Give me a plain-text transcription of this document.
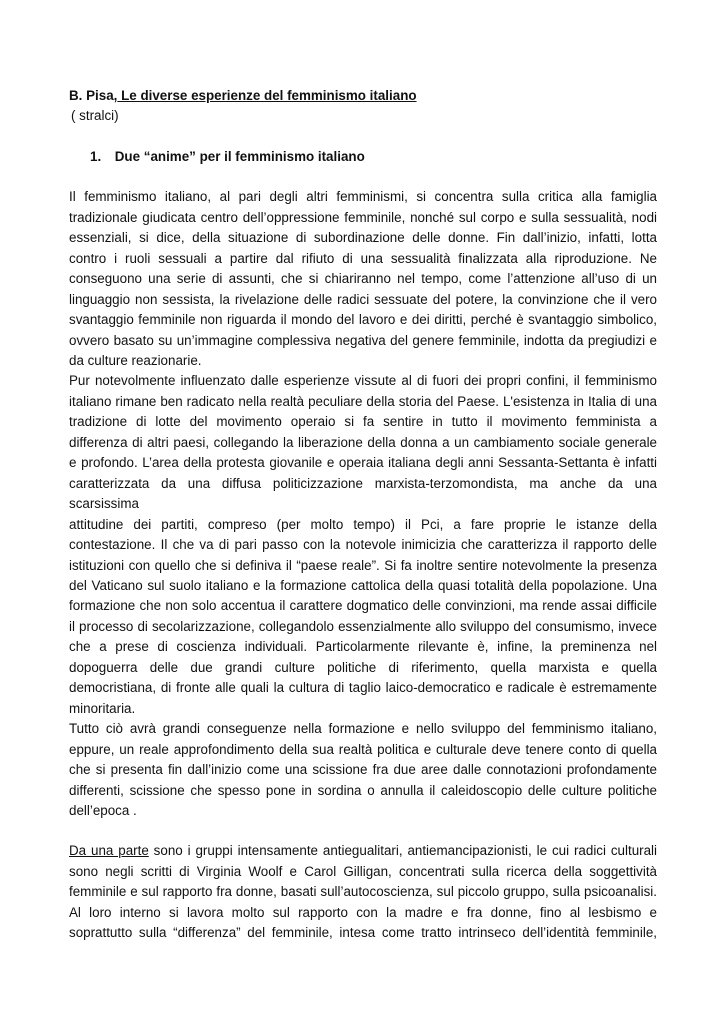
B. Pisa, Le diverse esperienze del femminismo italiano
( stralci)
1. Due “anime” per il femminismo italiano
Il femminismo italiano, al pari degli altri femminismi, si concentra sulla critica alla famiglia
tradizionale giudicata centro dell’oppressione femminile, nonché sul corpo e sulla sessualità, nodi
essenziali, si dice, della situazione di subordinazione delle donne. Fin dall’inizio, infatti, lotta
contro i ruoli sessuali a partire dal rifiuto di una sessualità finalizzata alla riproduzione. Ne
conseguono una serie di assunti, che si chiariranno nel tempo, come l’attenzione all’uso di un
linguaggio non sessista, la rivelazione delle radici sessuate del potere, la convinzione che il vero
svantaggio femminile non riguarda il mondo del lavoro e dei diritti, perché è svantaggio simbolico,
ovvero basato su un’immagine complessiva negativa del genere femminile, indotta da pregiudizi e
da culture reazionarie.
Pur notevolmente influenzato dalle esperienze vissute al di fuori dei propri confini, il femminismo
italiano rimane ben radicato nella realtà peculiare della storia del Paese. L'esistenza in Italia di una
tradizione di lotte del movimento operaio si fa sentire in tutto il movimento femminista a
differenza di altri paesi, collegando la liberazione della donna a un cambiamento sociale generale
e profondo. L’area della protesta giovanile e operaia italiana degli anni Sessanta-Settanta è infatti
caratterizzata da una diffusa politicizzazione marxista-terzomondista, ma anche da una scarsissima
attitudine dei partiti, compreso (per molto tempo) il Pci, a fare proprie le istanze della
contestazione. Il che va di pari passo con la notevole inimicizia che caratterizza il rapporto delle
istituzioni con quello che si definiva il “paese reale”. Si fa inoltre sentire notevolmente la presenza
del Vaticano sul suolo italiano e la formazione cattolica della quasi totalità della popolazione. Una
formazione che non solo accentua il carattere dogmatico delle convinzioni, ma rende assai difficile
il processo di secolarizzazione, collegandolo essenzialmente allo sviluppo del consumismo, invece
che a prese di coscienza individuali. Particolarmente rilevante è, infine, la preminenza nel
dopoguerra delle due grandi culture politiche di riferimento, quella marxista e quella
democristiana, di fronte alle quali la cultura di taglio laico-democratico e radicale è estremamente
minoritaria.
Tutto ciò avrà grandi conseguenze nella formazione e nello sviluppo del femminismo italiano,
eppure, un reale approfondimento della sua realtà politica e culturale deve tenere conto di quella
che si presenta fin dall’inizio come una scissione fra due aree dalle connotazioni profondamente
differenti, scissione che spesso pone in sordina o annulla il caleidoscopio delle culture politiche
dell’epoca .
Da una parte sono i gruppi intensamente antiegualitari, antiemancipazionisti, le cui radici culturali
sono negli scritti di Virginia Woolf e Carol Gilligan, concentrati sulla ricerca della soggettività
femminile e sul rapporto fra donne, basati sull’autocoscienza, sul piccolo gruppo, sulla psicoanalisi.
Al loro interno si lavora molto sul rapporto con la madre e fra donne, fino al lesbismo e
soprattutto sulla “differenza” del femminile, intesa come tratto intrinseco dell’identità femminile,
